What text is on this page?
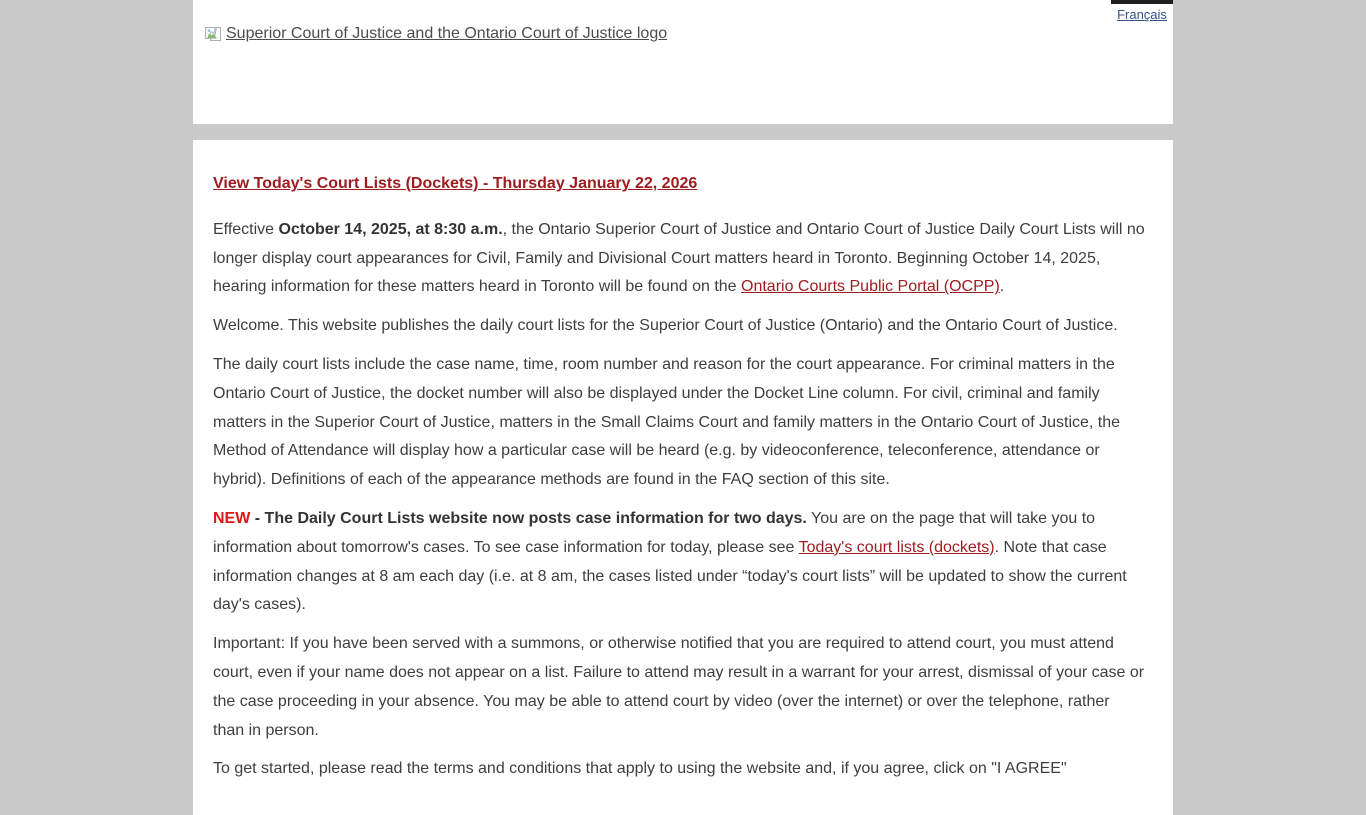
Français
Superior Court of Justice and the Ontario Court of Justice logo
View Today's Court Lists (Dockets) - Thursday January 22, 2026

Effective October 14, 2025, at 8:30 a.m., the Ontario Superior Court of Justice and Ontario Court of Justice Daily Court Lists will no longer display court appearances for Civil, Family and Divisional Court matters heard in Toronto. Beginning October 14, 2025, hearing information for these matters heard in Toronto will be found on the Ontario Courts Public Portal (OCPP).

Welcome. This website publishes the daily court lists for the Superior Court of Justice (Ontario) and the Ontario Court of Justice.

The daily court lists include the case name, time, room number and reason for the court appearance. For criminal matters in the Ontario Court of Justice, the docket number will also be displayed under the Docket Line column. For civil, criminal and family matters in the Superior Court of Justice, matters in the Small Claims Court and family matters in the Ontario Court of Justice, the Method of Attendance will display how a particular case will be heard (e.g. by videoconference, teleconference, attendance or hybrid). Definitions of each of the appearance methods are found in the FAQ section of this site.

NEW - The Daily Court Lists website now posts case information for two days. You are on the page that will take you to information about tomorrow's cases. To see case information for today, please see Today's court lists (dockets). Note that case information changes at 8 am each day (i.e. at 8 am, the cases listed under “today's court lists” will be updated to show the current day's cases).

Important: If you have been served with a summons, or otherwise notified that you are required to attend court, you must attend court, even if your name does not appear on a list. Failure to attend may result in a warrant for your arrest, dismissal of your case or the case proceeding in your absence. You may be able to attend court by video (over the internet) or over the telephone, rather than in person.

To get started, please read the terms and conditions that apply to using the website and, if you agree, click on "I AGREE"
